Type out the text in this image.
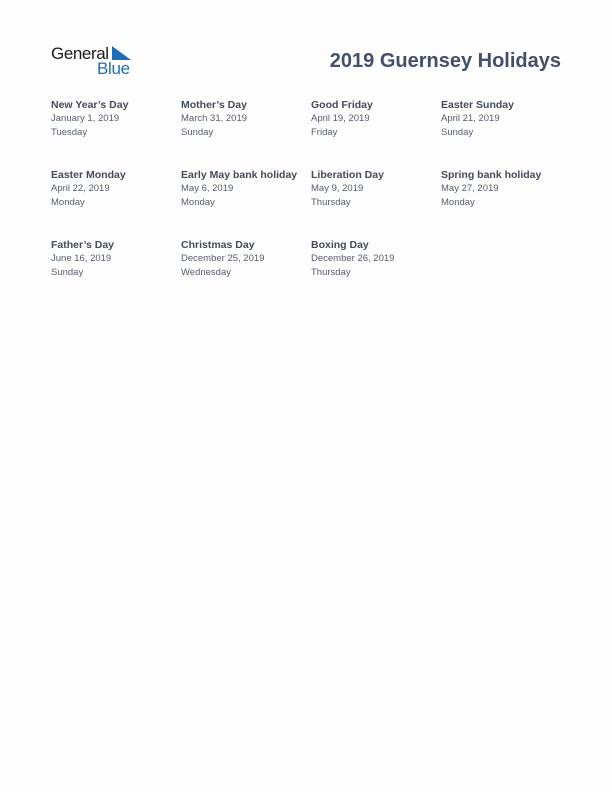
General
Blue	2019 Guernsey Holidays
New Year’s Day
January 1, 2019
Tuesday
Mother’s Day
March 31, 2019
Sunday
Good Friday
April 19, 2019
Friday
Easter Sunday
April 21, 2019
Sunday
Easter Monday
April 22, 2019
Monday
Early May bank holiday
May 6, 2019
Monday
Liberation Day
May 9, 2019
Thursday
Spring bank holiday
May 27, 2019
Monday
Father’s Day
June 16, 2019
Sunday
Christmas Day
December 25, 2019
Wednesday
Boxing Day
December 26, 2019
Thursday
